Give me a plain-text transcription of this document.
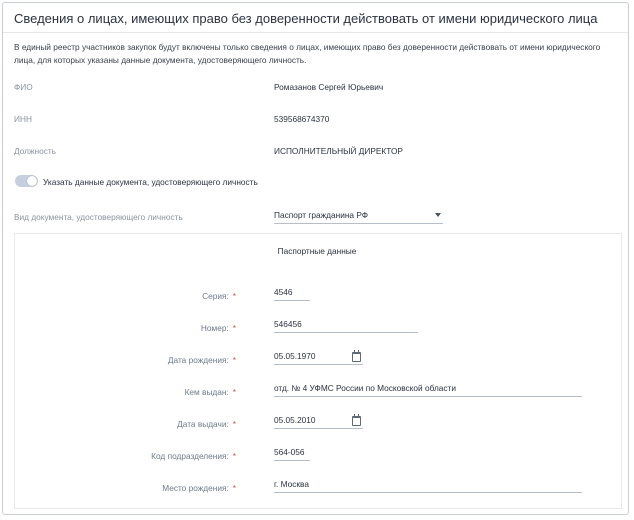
Сведения о лицах, имеющих право без доверенности действовать от имени юридического лица
В единый реестр участников закупок будут включены только сведения о лицах, имеющих право без доверенности действовать от имени юридического лица, для которых указаны данные документа, удостоверяющего личность.
ФИО	Ромазанов Сергей Юрьевич
ИНН	539568674370
Должность	ИСПОЛНИТЕЛЬНЫЙ ДИРЕКТОР
Указать данные документа, удостоверяющего личность
Вид документа, удостоверяющего личность	Паспорт гражданина РФ
Паспортные данные
Серия: *	4546
Номер: *	546456
Дата рождения: *	05.05.1970
Кем выдан: *	отд. № 4 УФМС России по Московской области
Дата выдачи: *	05.05.2010
Код подразделения: *	564-056
Место рождения: *	г. Москва
